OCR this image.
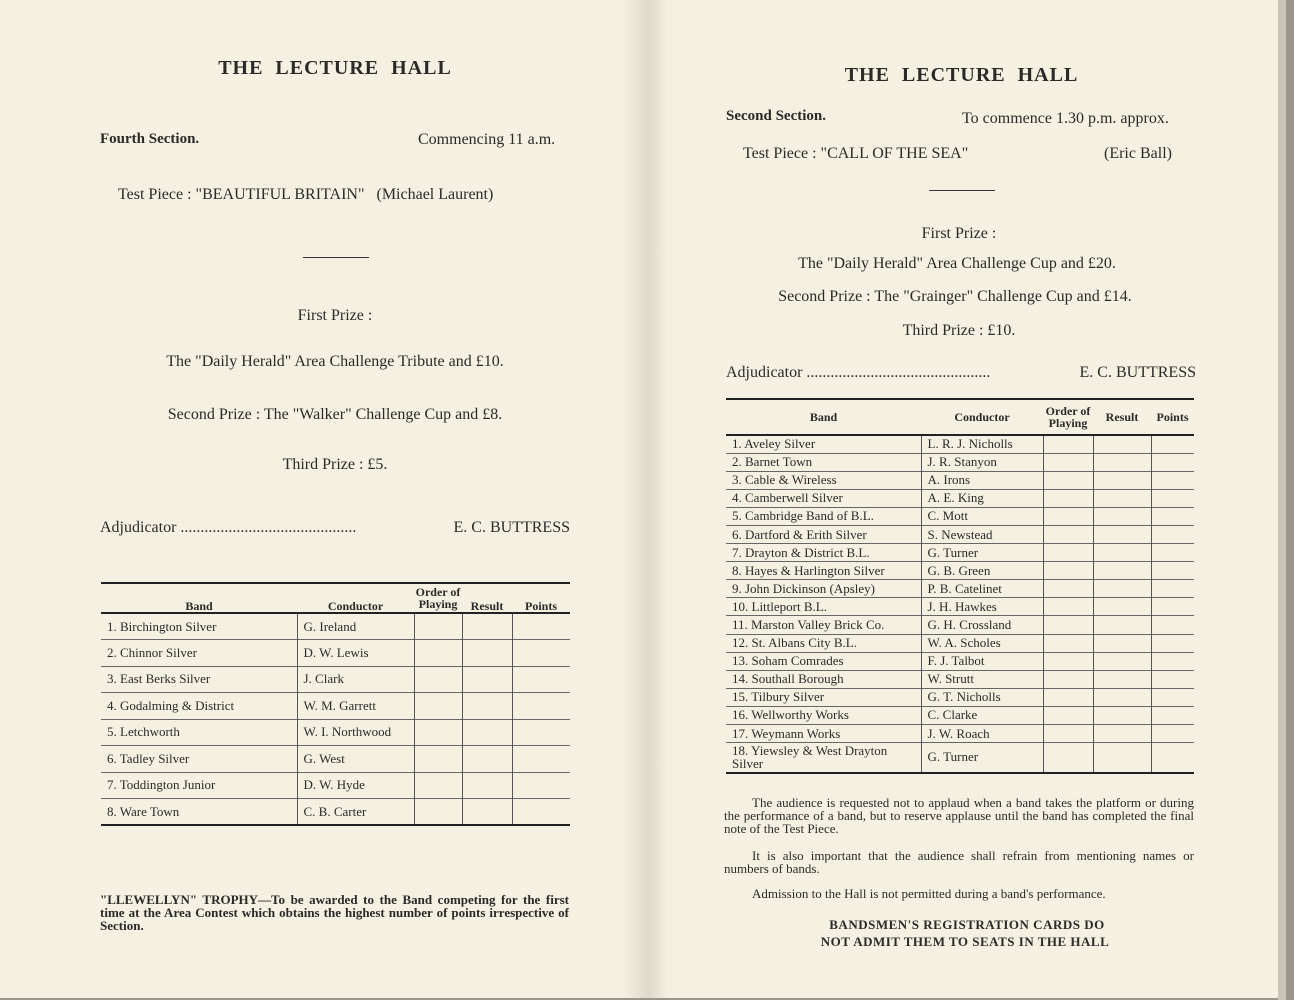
THE LECTURE HALL
Fourth Section.	Commencing 11 a.m.
Test Piece : "BEAUTIFUL BRITAIN" (Michael Laurent)
First Prize :
The "Daily Herald" Area Challenge Tribute and £10.
Second Prize : The "Walker" Challenge Cup and £8.
Third Prize : £5.
Adjudicator ............................................	E. C. BUTTRESS
Band	Conductor	Order of Playing	Result	Points
1. Birchington Silver	G. Ireland			
2. Chinnor Silver	D. W. Lewis			
3. East Berks Silver	J. Clark			
4. Godalming & District	W. M. Garrett			
5. Letchworth	W. I. Northwood			
6. Tadley Silver	G. West			
7. Toddington Junior	D. W. Hyde			
8. Ware Town	C. B. Carter			
"LLEWELLYN" TROPHY—To be awarded to the Band competing for the first time at the Area Contest which obtains the highest number of points irrespective of Section.
THE LECTURE HALL
Second Section.	To commence 1.30 p.m. approx.
Test Piece : "CALL OF THE SEA"	(Eric Ball)
First Prize :
The "Daily Herald" Area Challenge Cup and £20.
Second Prize : The "Grainger" Challenge Cup and £14.
Third Prize : £10.
Adjudicator ..............................................	E. C. BUTTRESS
Band	Conductor	Order of Playing	Result	Points
1. Aveley Silver	L. R. J. Nicholls			
2. Barnet Town	J. R. Stanyon			
3. Cable & Wireless	A. Irons			
4. Camberwell Silver	A. E. King			
5. Cambridge Band of B.L.	C. Mott			
6. Dartford & Erith Silver	S. Newstead			
7. Drayton & District B.L.	G. Turner			
8. Hayes & Harlington Silver	G. B. Green			
9. John Dickinson (Apsley)	P. B. Catelinet			
10. Littleport B.L.	J. H. Hawkes			
11. Marston Valley Brick Co.	G. H. Crossland			
12. St. Albans City B.L.	W. A. Scholes			
13. Soham Comrades	F. J. Talbot			
14. Southall Borough	W. Strutt			
15. Tilbury Silver	G. T. Nicholls			
16. Wellworthy Works	C. Clarke			
17. Weymann Works	J. W. Roach			
18. Yiewsley & West Drayton Silver	G. Turner			
The audience is requested not to applaud when a band takes the platform or during the performance of a band, but to reserve applause until the band has completed the final note of the Test Piece.
It is also important that the audience shall refrain from mentioning names or numbers of bands.
Admission to the Hall is not permitted during a band's performance.
BANDSMEN'S REGISTRATION CARDS DO
NOT ADMIT THEM TO SEATS IN THE HALL
